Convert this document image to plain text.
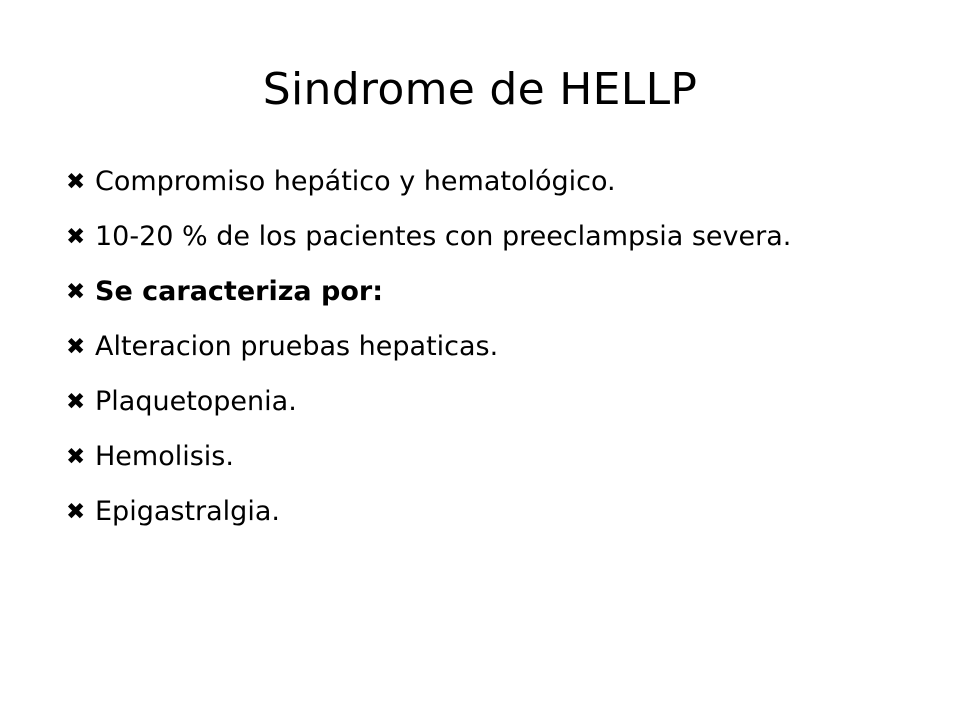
Sindrome de HELLP
✖ Compromiso hepático y hematológico.
✖ 10-20 % de los pacientes con preeclampsia severa.
✖ Se caracteriza por:
✖ Alteracion pruebas hepaticas.
✖ Plaquetopenia.
✖ Hemolisis.
✖ Epigastralgia.
